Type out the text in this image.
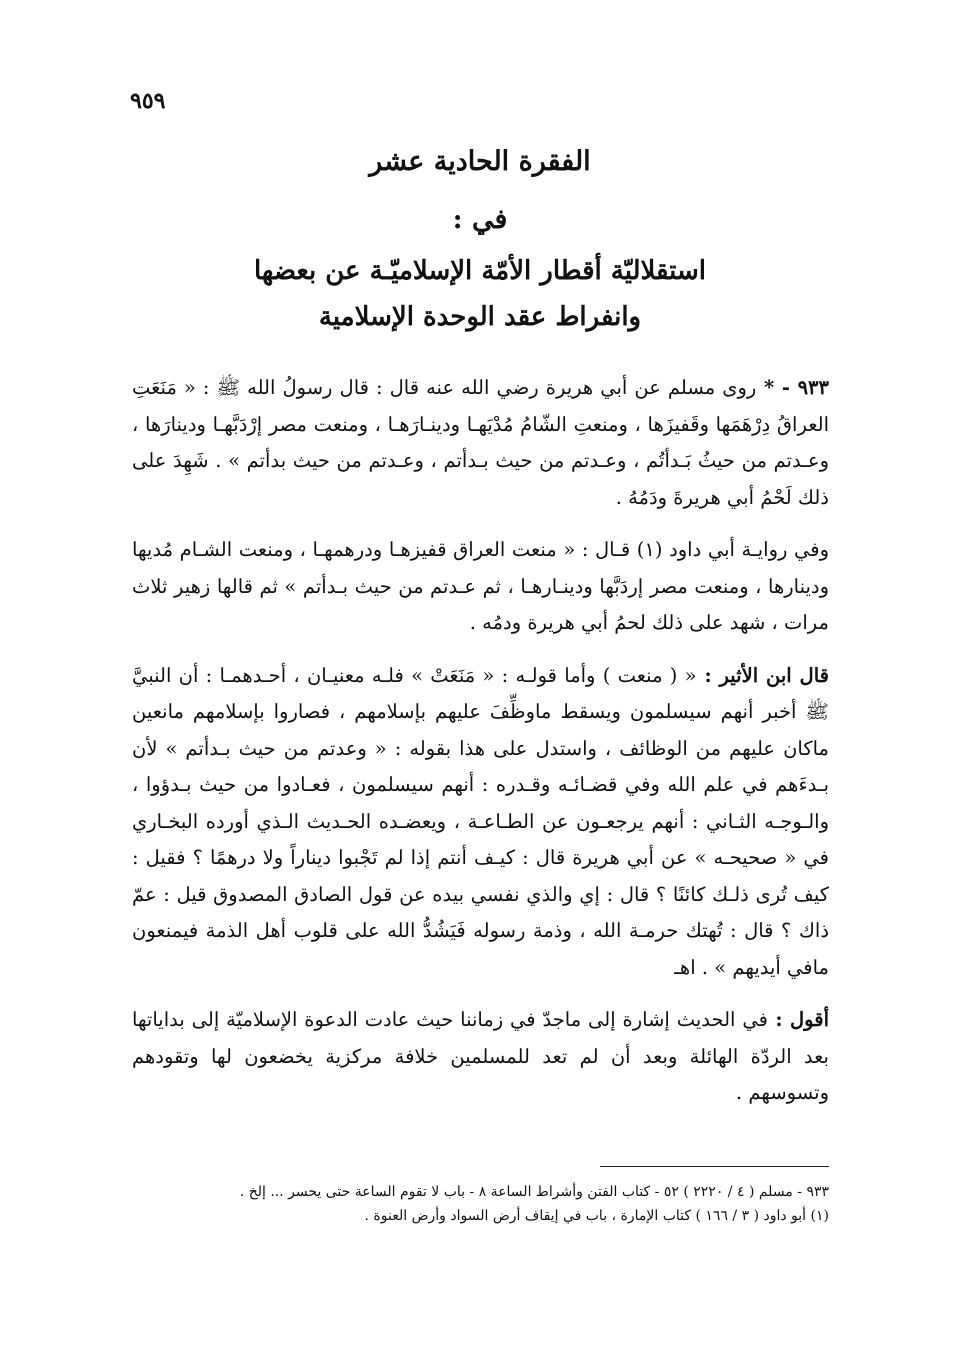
٩٥٩
الفقرة الحادية عشر
في :
استقلاليّة أقطار الأمّة الإسلاميّـة عن بعضها
وانفراط عقد الوحدة الإسلامية

٩٣٣ - * روى مسلم عن أبي هريرة رضي الله عنه قال : قال رسولُ الله ﷺ : « مَنَعَتِ العراقُ دِرْهَمَها وقَفيزَها ، ومنعتِ الشّامُ مُدْيَهـا ودينـارَهـا ، ومنعت مصر إرْدَبَّهـا ودينارَها ، وعـدتم من حيثُ بَـدأتُم ، وعـدتم من حيث بـدأتم ، وعـدتم من حيث بدأتم » . شَهِدَ على ذلك لَحْمُ أبي هريرةَ ودَمُهُ .

وفي روايـة أبي داود (١) قـال : « منعت العراق قفيزهـا ودرهمهـا ، ومنعت الشـام مُديها ودينارها ، ومنعت مصر إردَبَّها ودينـارهـا ، ثم عـدتم من حيث بـدأتم » ثم قالها زهير ثلاث مرات ، شهد على ذلك لحمُ أبي هريرة ودمُه .

قال ابن الأثير : « ( منعت ) وأما قولـه : « مَنَعَتْ » فلـه معنيـان ، أحـدهمـا : أن النبيَّ ﷺ أخبر أنهم سيسلمون ويسقط ماوظِّفَ عليهم بإسلامهم ، فصاروا بإسلامهم مانعين ماكان عليهم من الوظائف ، واستدل على هذا بقوله : « وعدتم من حيث بـدأتم » لأن بـدءَهم في علم الله وفي قضـائـه وقـدره : أنهم سيسلمون ، فعـادوا من حيث بـدؤوا ، والـوجـه الثـاني : أنهم يرجعـون عن الطـاعـة ، ويعضـده الحـديث الـذي أورده البخـاري في « صحيحـه » عن أبي هريرة قال : كيـف أنتم إذا لم تَجْبوا ديناراً ولا درهمًا ؟ فقيل : كيف تُرى ذلـك كائنًا ؟ قال : إي والذي نفسي بيده عن قول الصادق المصدوق قيل : عمّ ذاك ؟ قال : تُهتك حرمـة الله ، وذمة رسوله فَيَشُدُّ الله على قلوب أهل الذمة فيمنعون مافي أيديهم » . اهـ

أقول : في الحديث إشارة إلى ماجدّ في زماننا حيث عادت الدعوة الإسلاميّة إلى بداياتها بعد الردّة الهائلة وبعد أن لم تعد للمسلمين خلافة مركزية يخضعون لها وتقودهم وتسوسهم .

٩٣٣ - مسلم ( ٤ / ٢٢٢٠ ) ٥٢ - كتاب الفتن وأشراط الساعة ٨ - باب لا تقوم الساعة حتى يحسر ... إلخ .

(١) أبو داود ( ٣ / ١٦٦ ) كتاب الإمارة ، باب في إيقاف أرض السواد وأرض العنوة .
